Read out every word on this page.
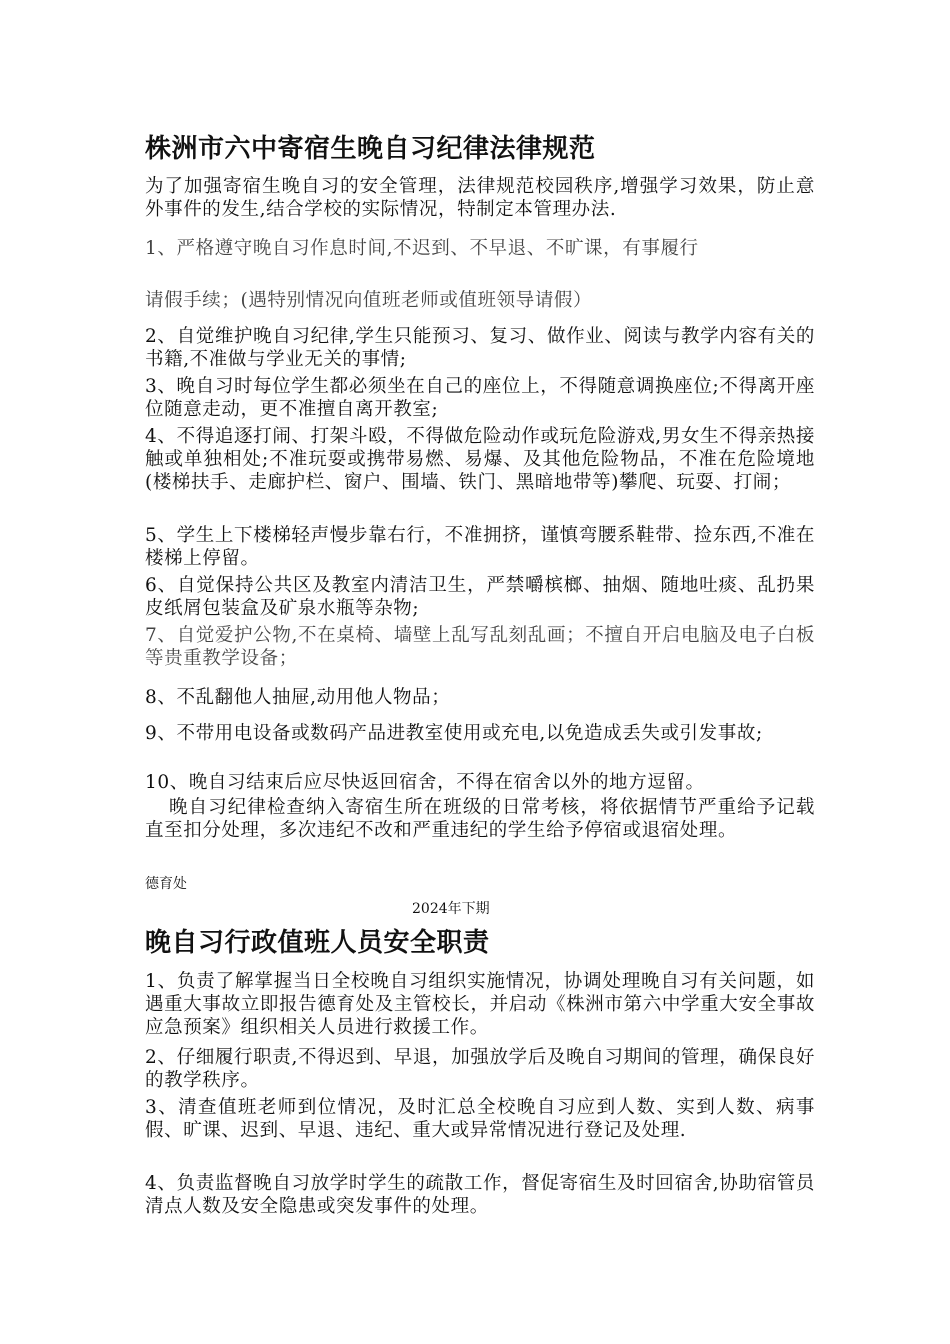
株洲市六中寄宿生晚自习纪律法律规范

为了加强寄宿生晚自习的安全管理，法律规范校园秩序,增强学习效果，防止意外事件的发生,结合学校的实际情况，特制定本管理办法.

1、严格遵守晚自习作息时间,不迟到、不早退、不旷课，有事履行

请假手续；(遇特别情况向值班老师或值班领导请假）

2、自觉维护晚自习纪律,学生只能预习、复习、做作业、阅读与教学内容有关的书籍,不准做与学业无关的事情;

3、晚自习时每位学生都必须坐在自己的座位上，不得随意调换座位;不得离开座位随意走动，更不准擅自离开教室;

4、不得追逐打闹、打架斗殴，不得做危险动作或玩危险游戏,男女生不得亲热接触或单独相处;不准玩耍或携带易燃、易爆、及其他危险物品，不准在危险境地(楼梯扶手、走廊护栏、窗户、围墙、铁门、黑暗地带等)攀爬、玩耍、打闹；

5、学生上下楼梯轻声慢步靠右行，不准拥挤，谨慎弯腰系鞋带、捡东西,不准在楼梯上停留。

6、自觉保持公共区及教室内清洁卫生，严禁嚼槟榔、抽烟、随地吐痰、乱扔果皮纸屑包装盒及矿泉水瓶等杂物;

7、自觉爱护公物,不在桌椅、墙壁上乱写乱刻乱画；不擅自开启电脑及电子白板等贵重教学设备；

8、不乱翻他人抽屉,动用他人物品；

9、不带用电设备或数码产品进教室使用或充电,以免造成丢失或引发事故;

10、晚自习结束后应尽快返回宿舍，不得在宿舍以外的地方逗留。

晚自习纪律检查纳入寄宿生所在班级的日常考核，将依据情节严重给予记载直至扣分处理，多次违纪不改和严重违纪的学生给予停宿或退宿处理。

德育处
2024年下期
晚自习行政值班人员安全职责

1、负责了解掌握当日全校晚自习组织实施情况，协调处理晚自习有关问题，如遇重大事故立即报告德育处及主管校长，并启动《株洲市第六中学重大安全事故应急预案》组织相关人员进行救援工作。

2、仔细履行职责,不得迟到、早退，加强放学后及晚自习期间的管理，确保良好的教学秩序。

3、清查值班老师到位情况，及时汇总全校晚自习应到人数、实到人数、病事假、旷课、迟到、早退、违纪、重大或异常情况进行登记及处理.

4、负责监督晚自习放学时学生的疏散工作，督促寄宿生及时回宿舍,协助宿管员清点人数及安全隐患或突发事件的处理。
